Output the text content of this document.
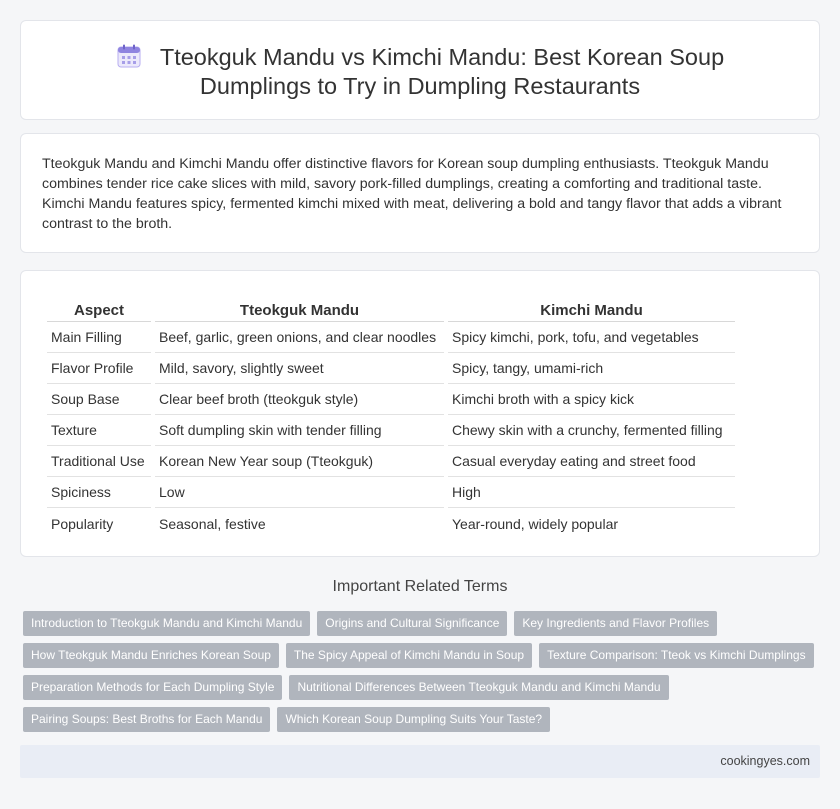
Tteokguk Mandu vs Kimchi Mandu: Best Korean Soup Dumplings to Try in Dumpling Restaurants

Tteokguk Mandu and Kimchi Mandu offer distinctive flavors for Korean soup dumpling enthusiasts. Tteokguk Mandu combines tender rice cake slices with mild, savory pork-filled dumplings, creating a comforting and traditional taste. Kimchi Mandu features spicy, fermented kimchi mixed with meat, delivering a bold and tangy flavor that adds a vibrant contrast to the broth.

Aspect	Tteokguk Mandu	Kimchi Mandu
Main Filling	Beef, garlic, green onions, and clear noodles	Spicy kimchi, pork, tofu, and vegetables
Flavor Profile	Mild, savory, slightly sweet	Spicy, tangy, umami-rich
Soup Base	Clear beef broth (tteokguk style)	Kimchi broth with a spicy kick
Texture	Soft dumpling skin with tender filling	Chewy skin with a crunchy, fermented filling
Traditional Use	Korean New Year soup (Tteokguk)	Casual everyday eating and street food
Spiciness	Low	High
Popularity	Seasonal, festive	Year-round, widely popular
Important Related Terms
Introduction to Tteokguk Mandu and Kimchi Mandu	Origins and Cultural Significance	Key Ingredients and Flavor Profiles
How Tteokguk Mandu Enriches Korean Soup	The Spicy Appeal of Kimchi Mandu in Soup	Texture Comparison: Tteok vs Kimchi Dumplings
Preparation Methods for Each Dumpling Style	Nutritional Differences Between Tteokguk Mandu and Kimchi Mandu
Pairing Soups: Best Broths for Each Mandu	Which Korean Soup Dumpling Suits Your Taste?
cookingyes.com
